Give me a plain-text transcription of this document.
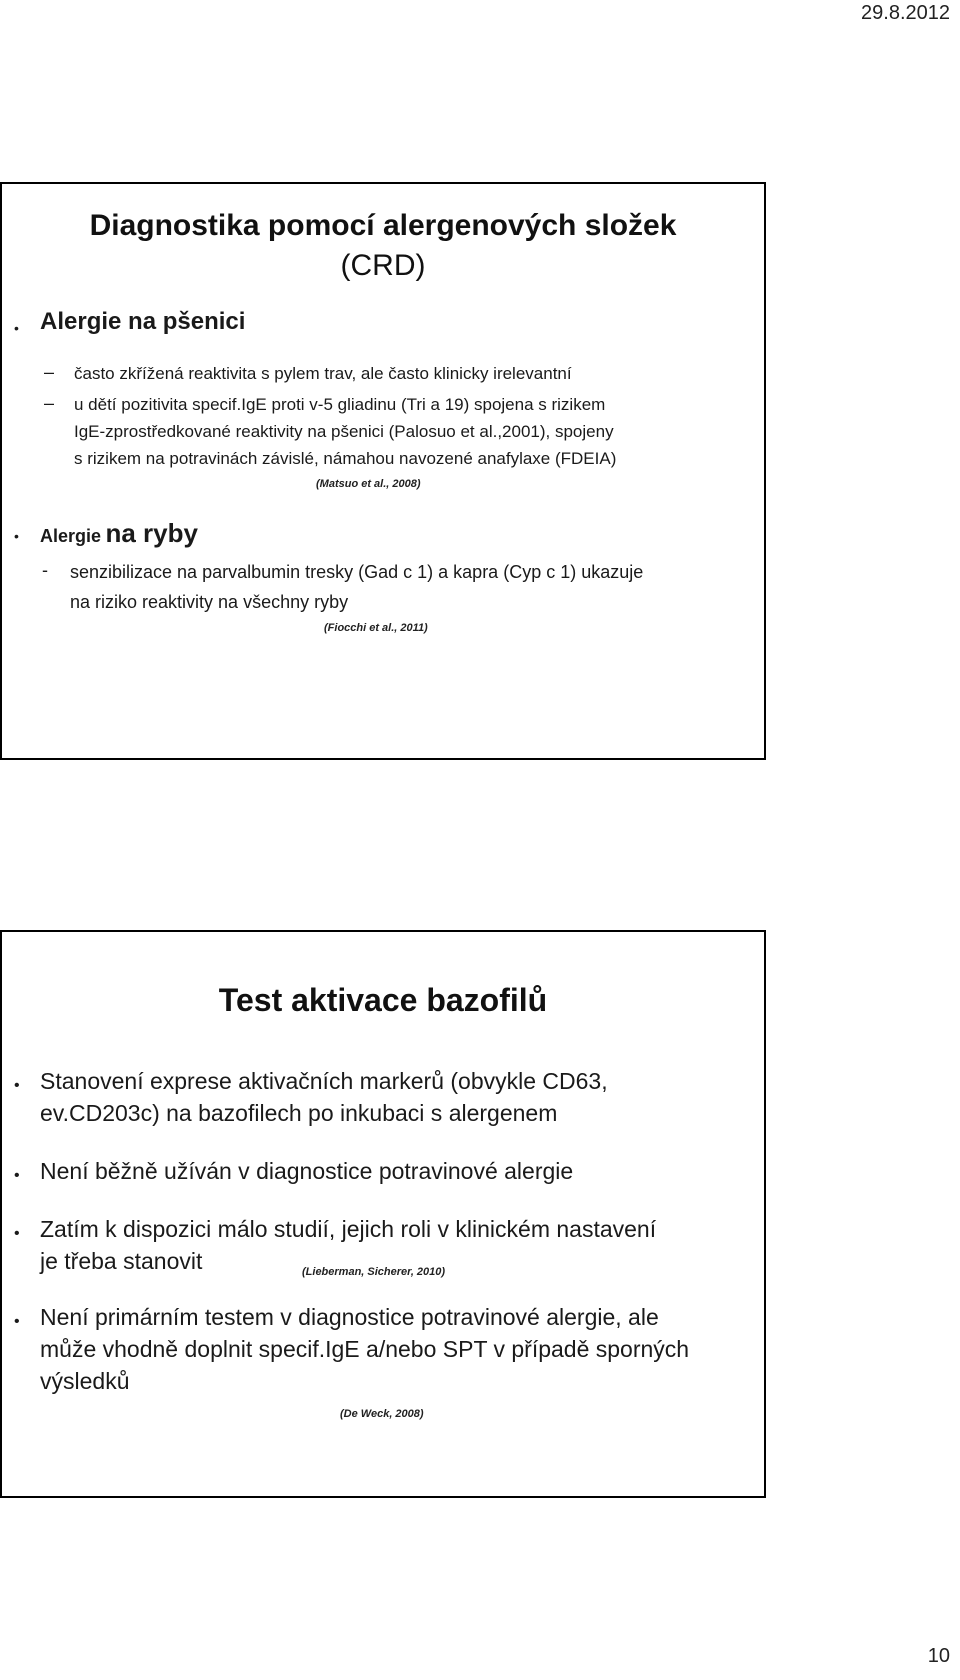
29.8.2012
Diagnostika pomocí alergenových složek
(CRD)
• Alergie na pšenici
– často zkřížená reaktivita s pylem trav, ale často klinicky irelevantní
– u dětí pozitivita specif.IgE proti v-5 gliadinu (Tri a 19) spojena s rizikem
IgE-zprostředkované reaktivity na pšenici (Palosuo et al.,2001), spojeny
s rizikem na potravinách závislé, námahou navozené anafylaxe (FDEIA)
(Matsuo et al., 2008)
• Alergie na ryby
- senzibilizace na parvalbumin tresky (Gad c 1) a kapra (Cyp c 1) ukazuje
na riziko reaktivity na všechny ryby
(Fiocchi et al., 2011)
Test aktivace bazofilů
• Stanovení exprese aktivačních markerů (obvykle CD63,
ev.CD203c) na bazofilech po inkubaci s alergenem
• Není běžně užíván v diagnostice potravinové alergie
• Zatím k dispozici málo studií, jejich roli v klinickém nastavení
je třeba stanovit	(Lieberman, Sicherer, 2010)
• Není primárním testem v diagnostice potravinové alergie, ale
může vhodně doplnit specif.IgE a/nebo SPT v případě sporných
výsledků
(De Weck, 2008)
10
